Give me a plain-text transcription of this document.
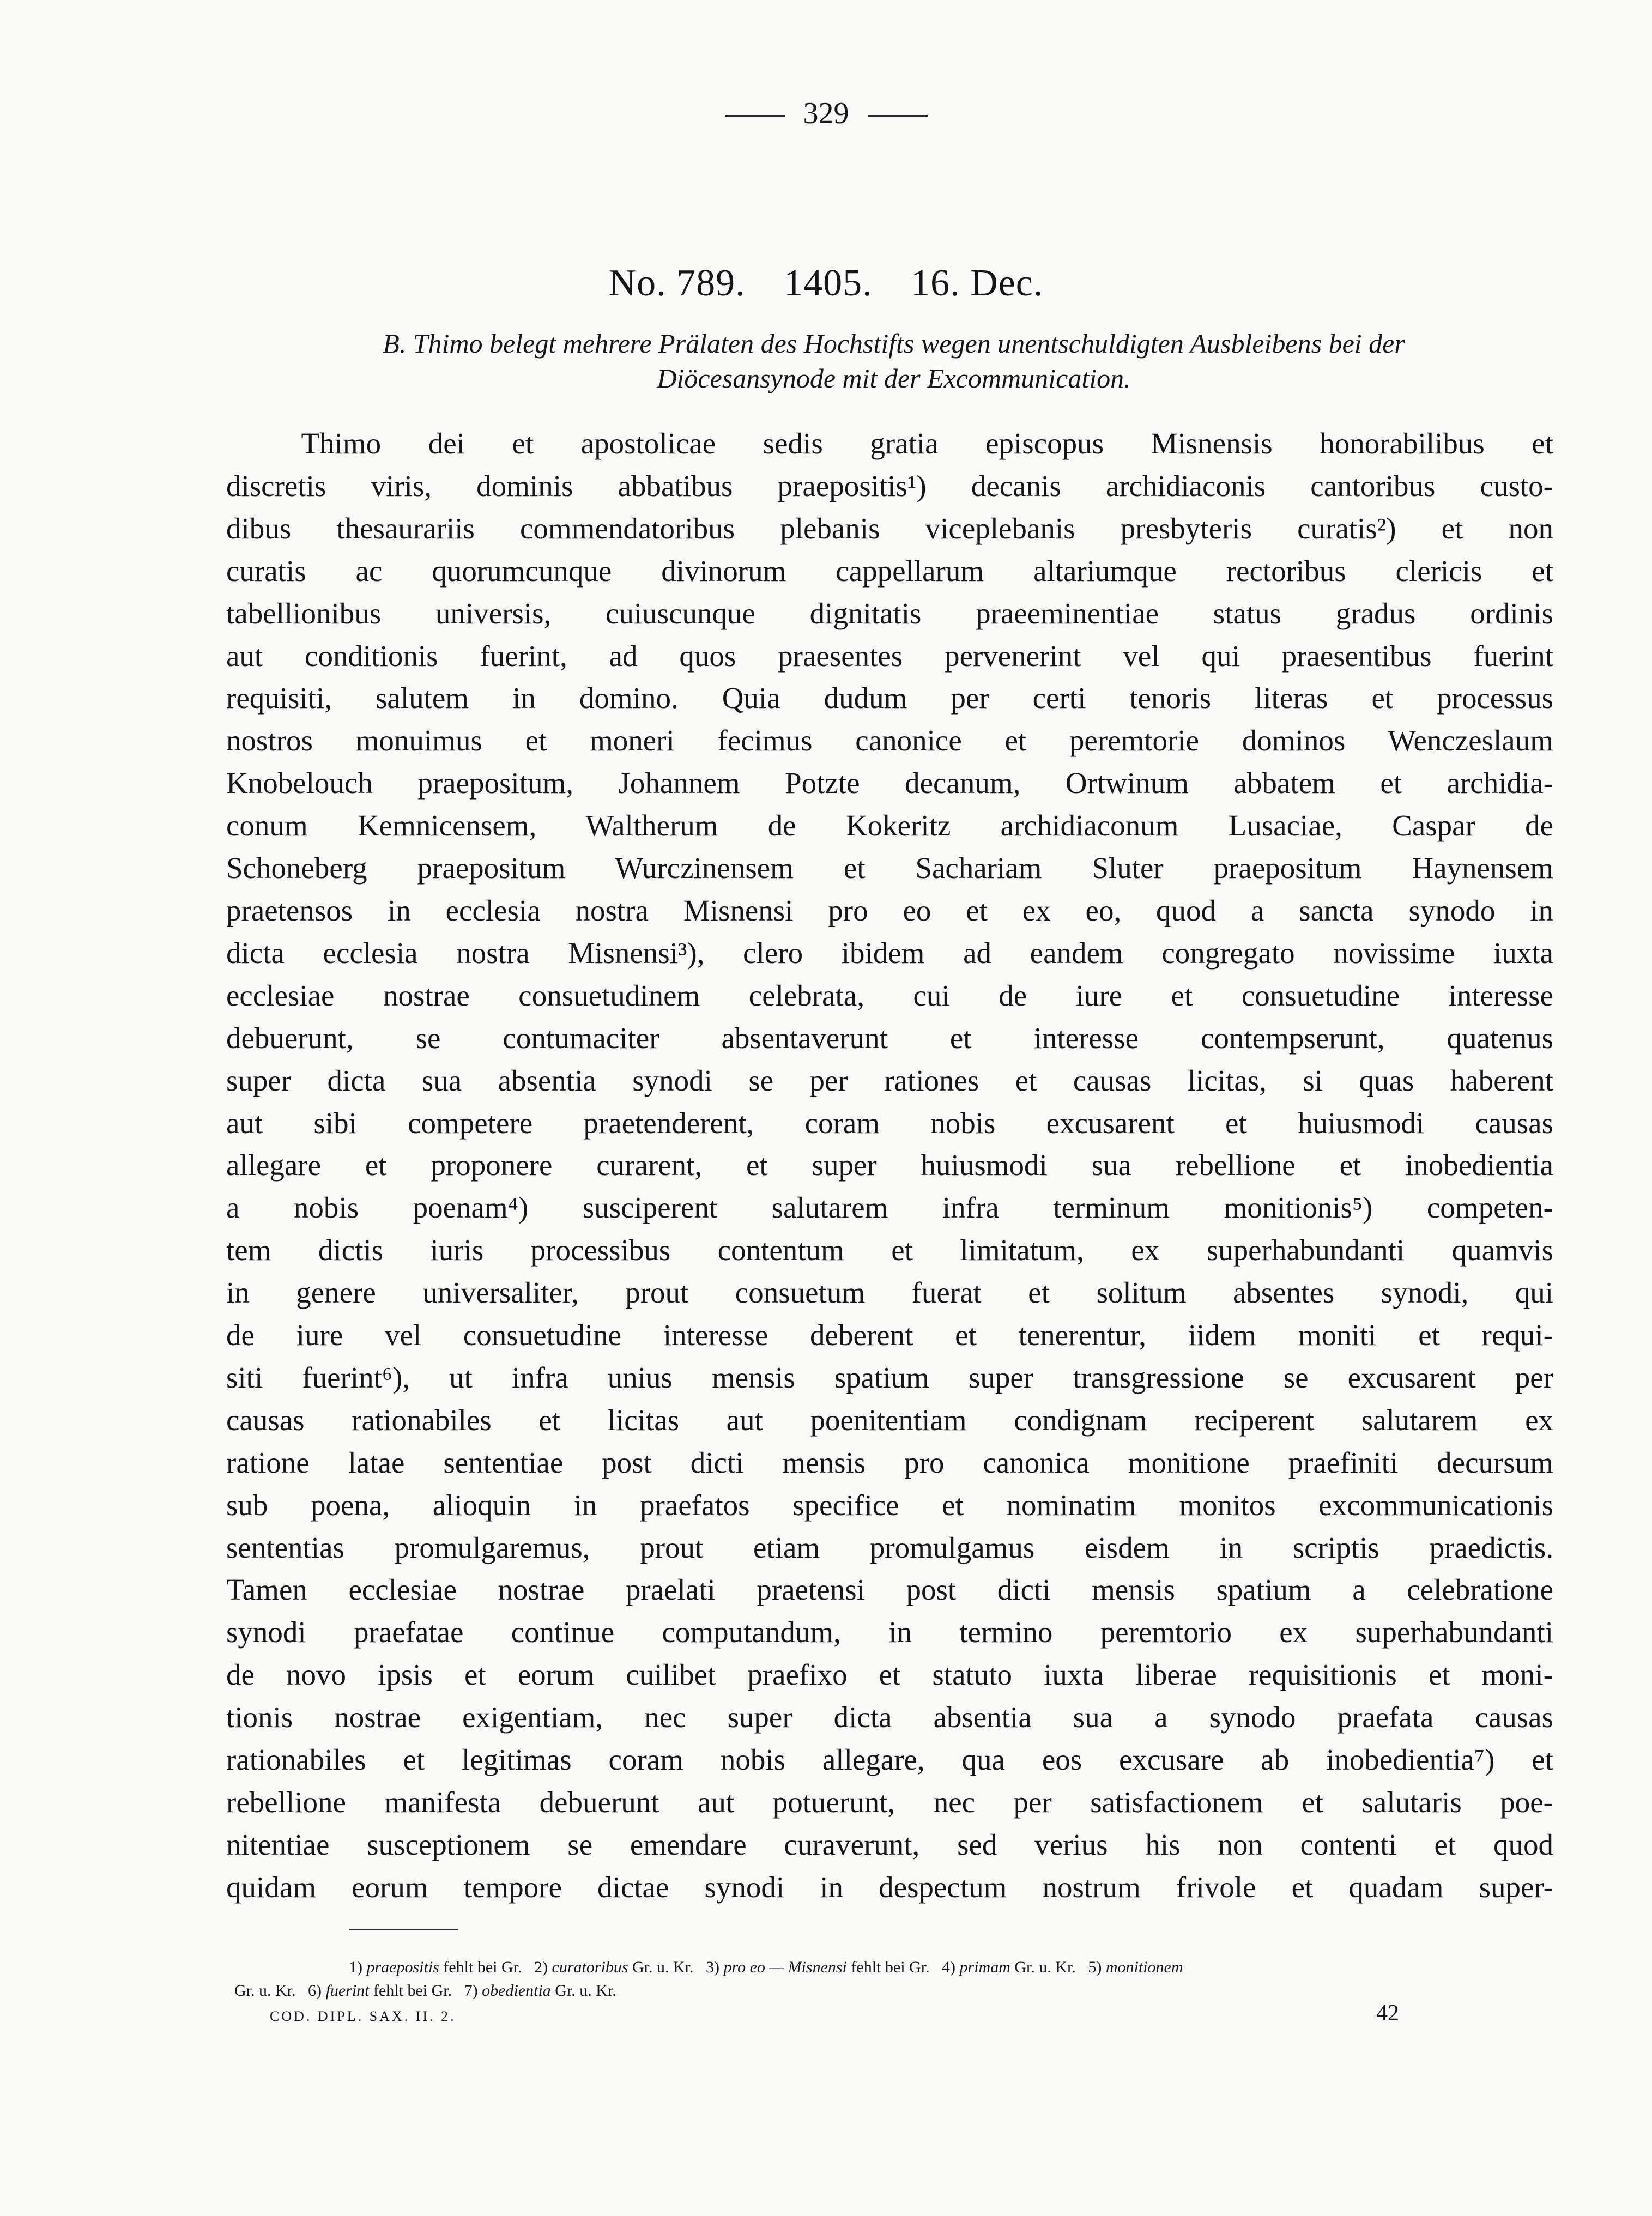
329
No. 789. 1405. 16. Dec.
B. Thimo belegt mehrere Prälaten des Hochstifts wegen unentschuldigten Ausbleibens bei der
Diöcesansynode mit der Excommunication.
   Thimo dei et apostolicae sedis gratia episcopus Misnensis honorabilibus et
discretis viris, dominis abbatibus praepositis¹) decanis archidiaconis cantoribus custo-
dibus thesaurariis commendatoribus plebanis viceplebanis presbyteris curatis²) et non
curatis ac quorumcunque divinorum cappellarum altariumque rectoribus clericis et
tabellionibus universis, cuiuscunque dignitatis praeeminentiae status gradus ordinis
aut conditionis fuerint, ad quos praesentes pervenerint vel qui praesentibus fuerint
requisiti, salutem in domino. Quia dudum per certi tenoris literas et processus
nostros monuimus et moneri fecimus canonice et peremtorie dominos Wenczeslaum
Knobelouch praepositum, Johannem Potzte decanum, Ortwinum abbatem et archidia-
conum Kemnicensem, Waltherum de Kokeritz archidiaconum Lusaciae, Caspar de
Schoneberg praepositum Wurczinensem et Sachariam Sluter praepositum Haynensem
praetensos in ecclesia nostra Misnensi pro eo et ex eo, quod a sancta synodo in
dicta ecclesia nostra Misnensi³), clero ibidem ad eandem congregato novissime iuxta
ecclesiae nostrae consuetudinem celebrata, cui de iure et consuetudine interesse
debuerunt, se contumaciter absentaverunt et interesse contempserunt, quatenus
super dicta sua absentia synodi se per rationes et causas licitas, si quas haberent
aut sibi competere praetenderent, coram nobis excusarent et huiusmodi causas
allegare et proponere curarent, et super huiusmodi sua rebellione et inobedientia
a nobis poenam⁴) susciperent salutarem infra terminum monitionis⁵) competen-
tem dictis iuris processibus contentum et limitatum, ex superhabundanti quamvis
in genere universaliter, prout consuetum fuerat et solitum absentes synodi, qui
de iure vel consuetudine interesse deberent et tenerentur, iidem moniti et requi-
siti fuerint⁶), ut infra unius mensis spatium super transgressione se excusarent per
causas rationabiles et licitas aut poenitentiam condignam reciperent salutarem ex
ratione latae sententiae post dicti mensis pro canonica monitione praefiniti decursum
sub poena, alioquin in praefatos specifice et nominatim monitos excommunicationis
sententias promulgaremus, prout etiam promulgamus eisdem in scriptis praedictis.
Tamen ecclesiae nostrae praelati praetensi post dicti mensis spatium a celebratione
synodi praefatae continue computandum, in termino peremtorio ex superhabundanti
de novo ipsis et eorum cuilibet praefixo et statuto iuxta liberae requisitionis et moni-
tionis nostrae exigentiam, nec super dicta absentia sua a synodo praefata causas
rationabiles et legitimas coram nobis allegare, qua eos excusare ab inobedientia⁷) et
rebellione manifesta debuerunt aut potuerunt, nec per satisfactionem et salutaris poe-
nitentiae susceptionem se emendare curaverunt, sed verius his non contenti et quod
quidam eorum tempore dictae synodi in despectum nostrum frivole et quadam super-
1) praepositis fehlt bei Gr. 2) curatoribus Gr. u. Kr. 3) pro eo — Misnensi fehlt bei Gr. 4) primam Gr. u. Kr. 5) monitionem
Gr. u. Kr. 6) fuerint fehlt bei Gr. 7) obedientia Gr. u. Kr.
COD. DIPL. SAX. II. 2.	42
